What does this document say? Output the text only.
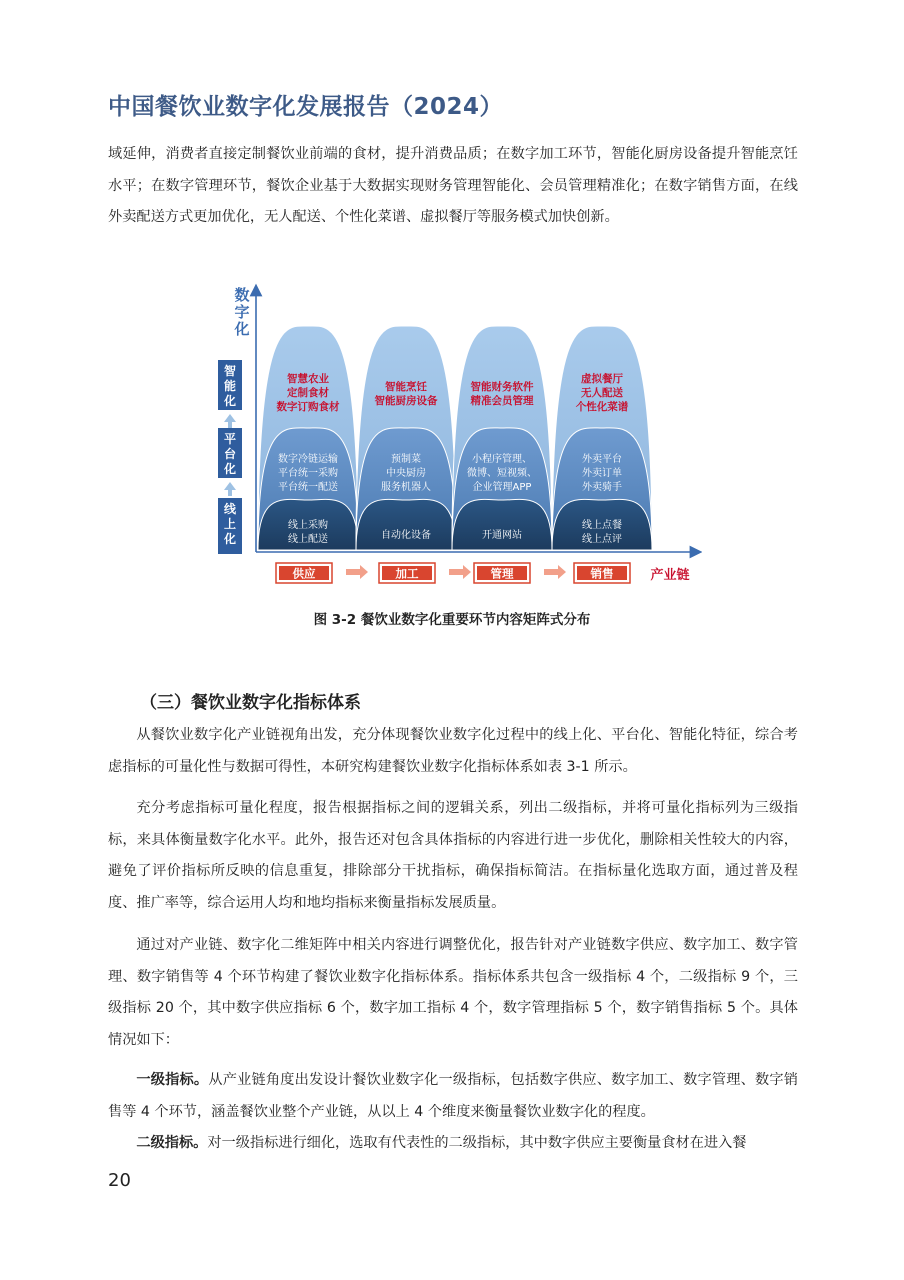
中国餐饮业数字化发展报告（2024）

域延伸，消费者直接定制餐饮业前端的食材，提升消费品质；在数字加工环节，智能化厨房设备提升智能烹饪水平；在数字管理环节，餐饮企业基于大数据实现财务管理智能化、会员管理精准化；在数字销售方面，在线外卖配送方式更加优化，无人配送、个性化菜谱、虚拟餐厅等服务模式加快创新。

数字化
智能化
平台化
线上化
智慧农业定制食材数字订购食材
数字冷链运输平台统一采购平台统一配送
线上采购线上配送
智能烹饪智能厨房设备
预制菜中央厨房服务机器人
自动化设备
智能财务软件精准会员管理
小程序管理、微博、短视频、企业管理APP
开通网站
虚拟餐厅无人配送个性化菜谱
外卖平台外卖订单外卖骑手
线上点餐线上点评
供应	加工	管理	销售	产业链
图 3-2 餐饮业数字化重要环节内容矩阵式分布
（三）餐饮业数字化指标体系

从餐饮业数字化产业链视角出发，充分体现餐饮业数字化过程中的线上化、平台化、智能化特征，综合考虑指标的可量化性与数据可得性，本研究构建餐饮业数字化指标体系如表 3-1 所示。

充分考虑指标可量化程度，报告根据指标之间的逻辑关系，列出二级指标，并将可量化指标列为三级指标，来具体衡量数字化水平。此外，报告还对包含具体指标的内容进行进一步优化，删除相关性较大的内容，避免了评价指标所反映的信息重复，排除部分干扰指标，确保指标简洁。在指标量化选取方面，通过普及程度、推广率等，综合运用人均和地均指标来衡量指标发展质量。

通过对产业链、数字化二维矩阵中相关内容进行调整优化，报告针对产业链数字供应、数字加工、数字管理、数字销售等 4 个环节构建了餐饮业数字化指标体系。指标体系共包含一级指标 4 个，二级指标 9 个，三级指标 20 个，其中数字供应指标 6 个，数字加工指标 4 个，数字管理指标 5 个，数字销售指标 5 个。具体情况如下：

一级指标。从产业链角度出发设计餐饮业数字化一级指标，包括数字供应、数字加工、数字管理、数字销售等 4 个环节，涵盖餐饮业整个产业链，从以上 4 个维度来衡量餐饮业数字化的程度。

二级指标。对一级指标进行细化，选取有代表性的二级指标，其中数字供应主要衡量食材在进入餐

20
